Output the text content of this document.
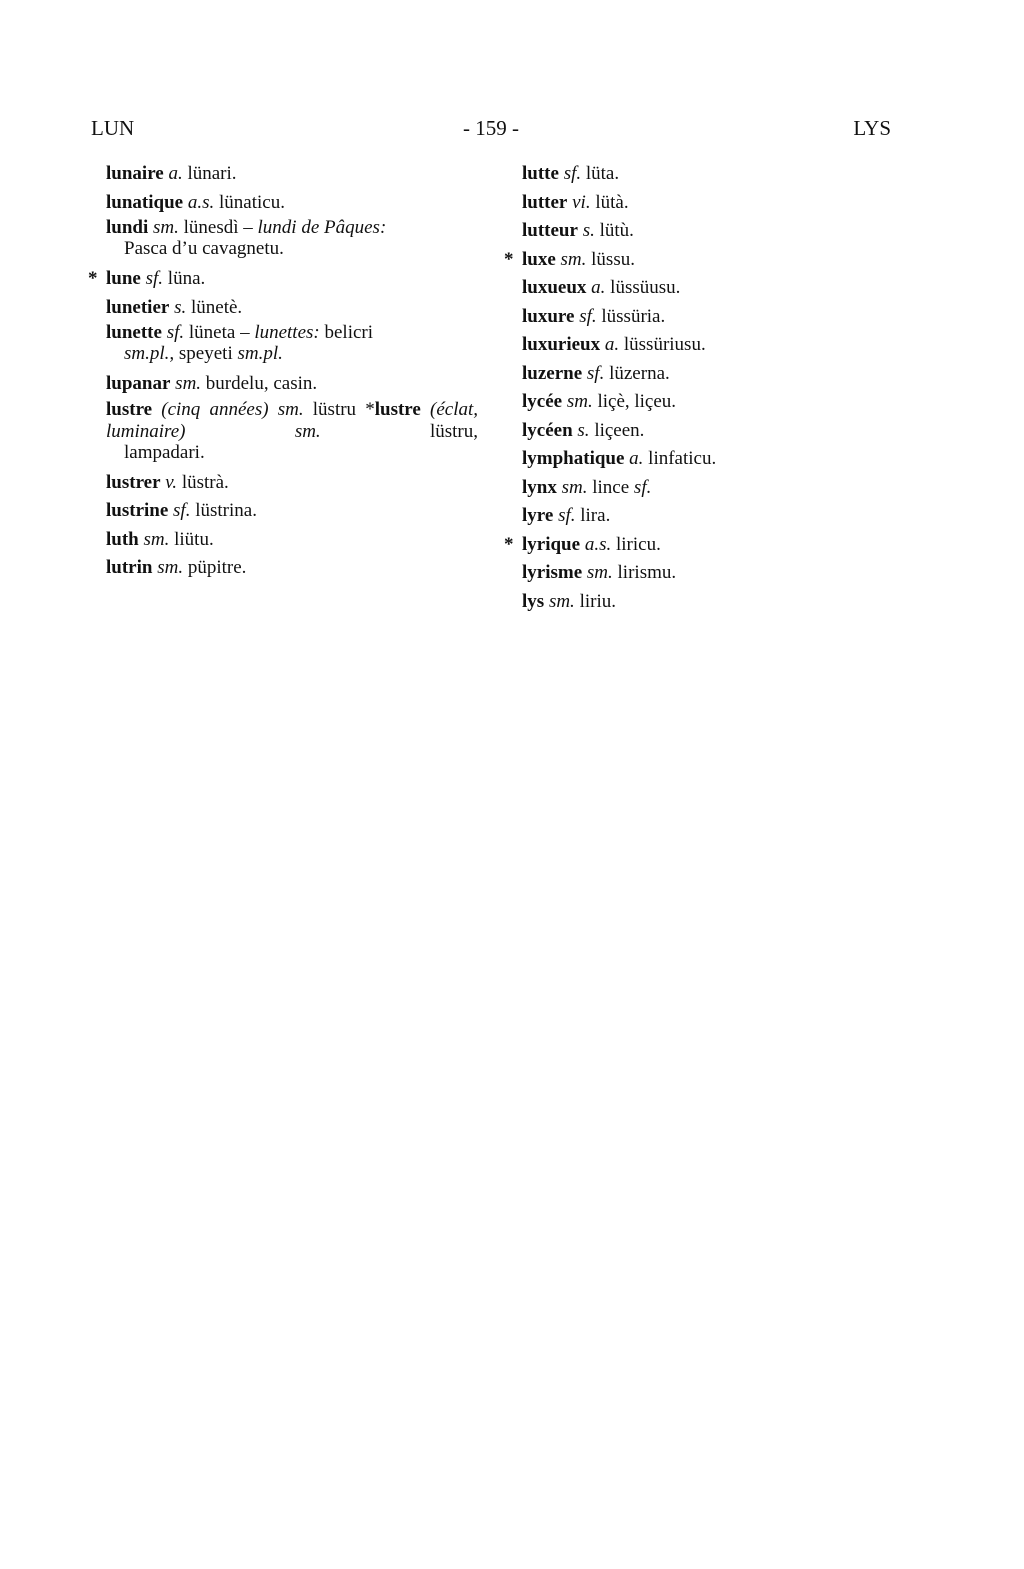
LUN	- 159 -	LYS

lunaire a. lünari.

lunatique a.s. lünaticu.

lundi sm. lünesdì – lundi de Pâques:
Pasca d’u cavagnetu.

* lune sf. lüna.

lunetier s. lünetè.

lunette sf. lüneta – lunettes: belicri
sm.pl., speyeti sm.pl.

lupanar sm. burdelu, casin.

lustre (cinq années) sm. lüstru *lustre (éclat, luminaire)	sm.	lüstru,
lampadari.

lustrer v. lüstrà.

lustrine sf. lüstrina.

luth sm. liütu.

lutrin sm. püpitre.

lutte sf. lüta.

lutter vi. lütà.

lutteur s. lütù.

* luxe sm. lüssu.

luxueux a. lüssüusu.

luxure sf. lüssüria.

luxurieux a. lüssüriusu.

luzerne sf. lüzerna.

lycée sm. liçè, liçeu.

lycéen s. liçeen.

lymphatique a. linfaticu.

lynx sm. lince sf.

lyre sf. lira.

* lyrique a.s. liricu.

lyrisme sm. lirismu.

lys sm. liriu.
